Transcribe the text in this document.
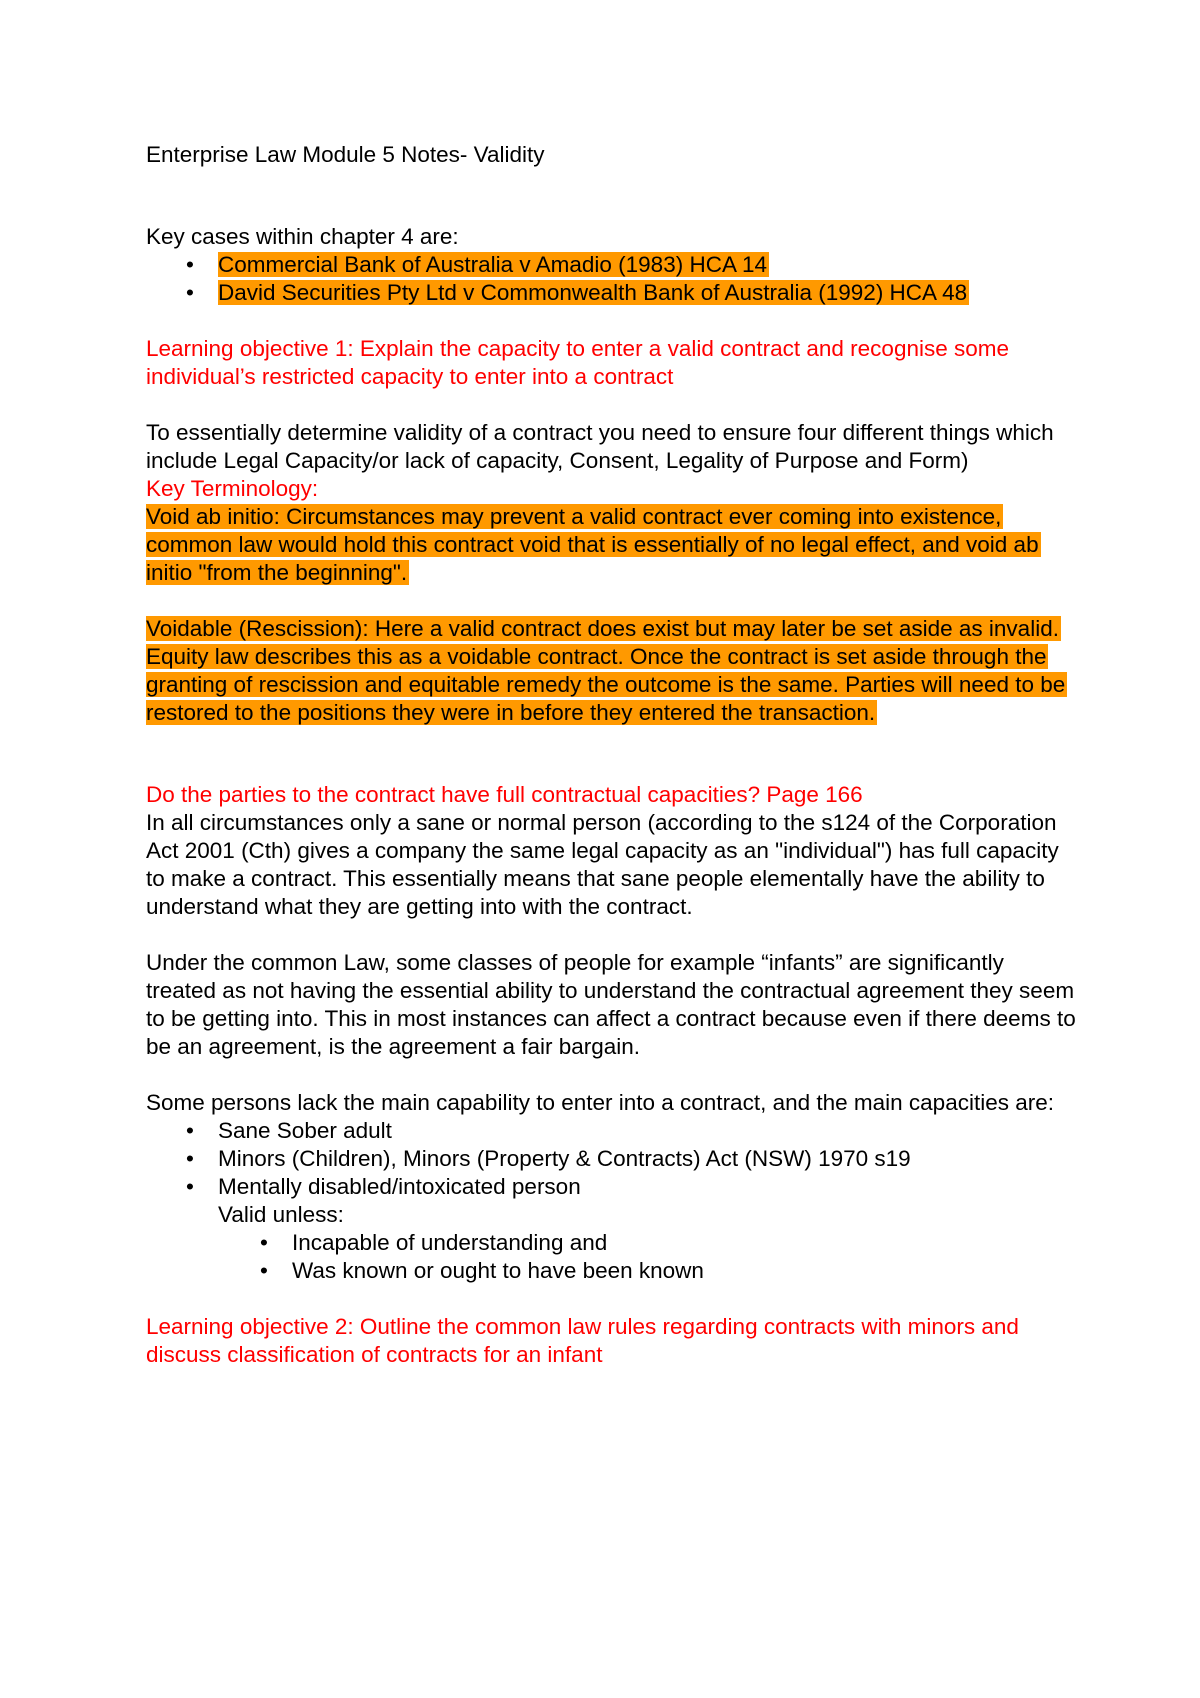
Enterprise Law Module 5 Notes- Validity

Key cases within chapter 4 are:

• Commercial Bank of Australia v Amadio (1983) HCA 14
• David Securities Pty Ltd v Commonwealth Bank of Australia (1992) HCA 48

Learning objective 1: Explain the capacity to enter a valid contract and recognise some individual’s restricted capacity to enter into a contract

To essentially determine validity of a contract you need to ensure four different things which include Legal Capacity/or lack of capacity, Consent, Legality of Purpose and Form)

Key Terminology:

Void ab initio: Circumstances may prevent a valid contract ever coming into existence, common law would hold this contract void that is essentially of no legal effect, and void ab initio "from the beginning".

Voidable (Rescission): Here a valid contract does exist but may later be set aside as invalid. Equity law describes this as a voidable contract. Once the contract is set aside through the granting of rescission and equitable remedy the outcome is the same. Parties will need to be restored to the positions they were in before they entered the transaction.

Do the parties to the contract have full contractual capacities? Page 166

In all circumstances only a sane or normal person (according to the s124 of the Corporation Act 2001 (Cth) gives a company the same legal capacity as an "individual") has full capacity to make a contract. This essentially means that sane people elementally have the ability to understand what they are getting into with the contract.

Under the common Law, some classes of people for example “infants” are significantly treated as not having the essential ability to understand the contractual agreement they seem to be getting into. This in most instances can affect a contract because even if there deems to be an agreement, is the agreement a fair bargain.

Some persons lack the main capability to enter into a contract, and the main capacities are:

• Sane Sober adult
• Minors (Children), Minors (Property & Contracts) Act (NSW) 1970 s19
• Mentally disabled/intoxicated person

Valid unless:

• Incapable of understanding and
• Was known or ought to have been known

Learning objective 2: Outline the common law rules regarding contracts with minors and discuss classification of contracts for an infant
